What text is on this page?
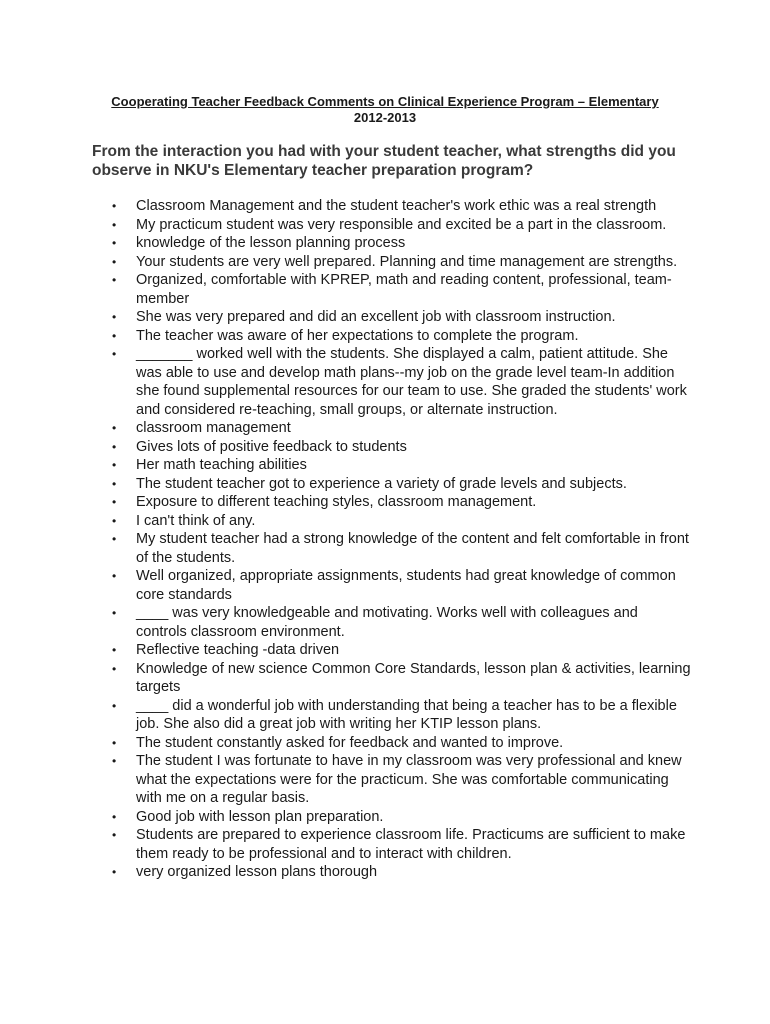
Cooperating Teacher Feedback Comments on Clinical Experience Program – Elementary
2012-2013
From the interaction you had with your student teacher, what strengths did you observe in NKU's Elementary teacher preparation program?
•	Classroom Management and the student teacher's work ethic was a real strength
•	My practicum student was very responsible and excited be a part in the classroom.
•	knowledge of the lesson planning process
•	Your students are very well prepared. Planning and time management are strengths.
•	Organized, comfortable with KPREP, math and reading content, professional, team-member
•	She was very prepared and did an excellent job with classroom instruction.
•	The teacher was aware of her expectations to complete the program.
•	_______ worked well with the students. She displayed a calm, patient attitude. She was able to use and develop math plans--my job on the grade level team-In addition she found supplemental resources for our team to use. She graded the students' work and considered re-teaching, small groups, or alternate instruction.
•	classroom management
•	Gives lots of positive feedback to students
•	Her math teaching abilities
•	The student teacher got to experience a variety of grade levels and subjects.
•	Exposure to different teaching styles, classroom management.
•	I can't think of any.
•	My student teacher had a strong knowledge of the content and felt comfortable in front of the students.
•	Well organized, appropriate assignments, students had great knowledge of common core standards
•	____ was very knowledgeable and motivating. Works well with colleagues and controls classroom environment.
•	Reflective teaching -data driven
•	Knowledge of new science Common Core Standards, lesson plan & activities, learning targets
•	____ did a wonderful job with understanding that being a teacher has to be a flexible job. She also did a great job with writing her KTIP lesson plans.
•	The student constantly asked for feedback and wanted to improve.
•	The student I was fortunate to have in my classroom was very professional and knew what the expectations were for the practicum. She was comfortable communicating with me on a regular basis.
•	Good job with lesson plan preparation.
•	Students are prepared to experience classroom life. Practicums are sufficient to make them ready to be professional and to interact with children.
•	very organized lesson plans thorough
